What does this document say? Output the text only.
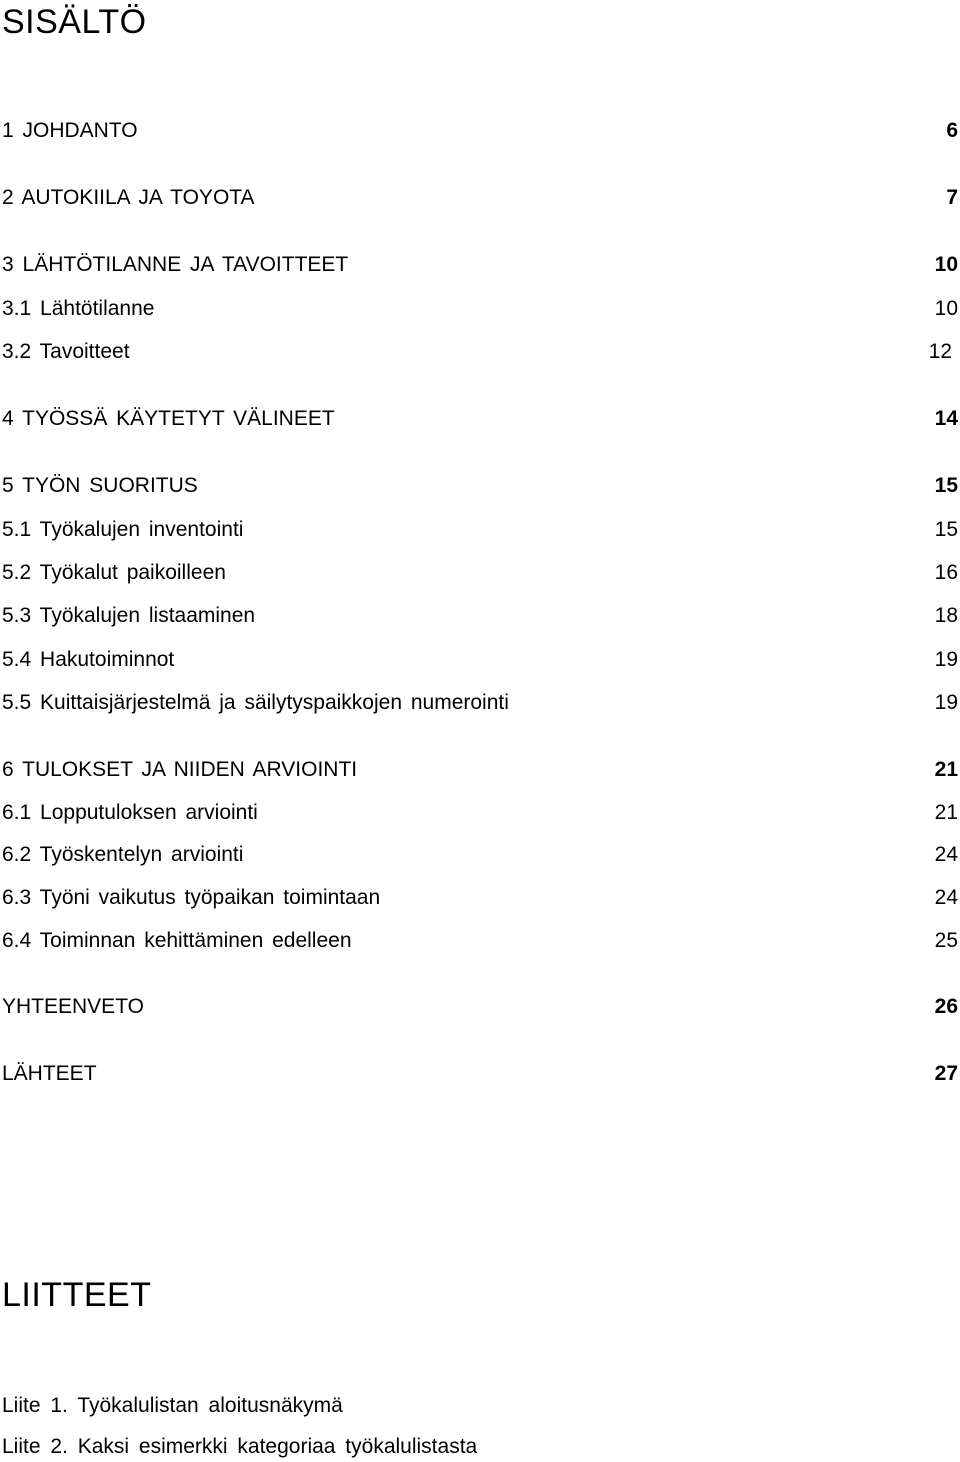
SISÄLTÖ
1 JOHDANTO	6
2 AUTOKIILA JA TOYOTA	7
3 LÄHTÖTILANNE JA TAVOITTEET	10
3.1 Lähtötilanne	10
3.2 Tavoitteet	12
4 TYÖSSÄ KÄYTETYT VÄLINEET	14
5 TYÖN SUORITUS	15
5.1 Työkalujen inventointi	15
5.2 Työkalut paikoilleen	16
5.3 Työkalujen listaaminen	18
5.4 Hakutoiminnot	19
5.5 Kuittaisjärjestelmä ja säilytyspaikkojen numerointi	19
6 TULOKSET JA NIIDEN ARVIOINTI	21
6.1 Lopputuloksen arviointi	21
6.2 Työskentelyn arviointi	24
6.3 Työni vaikutus työpaikan toimintaan	24
6.4 Toiminnan kehittäminen edelleen	25
YHTEENVETO	26
LÄHTEET	27
LIITTEET
Liite 1. Työkalulistan aloitusnäkymä
Liite 2. Kaksi esimerkki kategoriaa työkalulistasta
